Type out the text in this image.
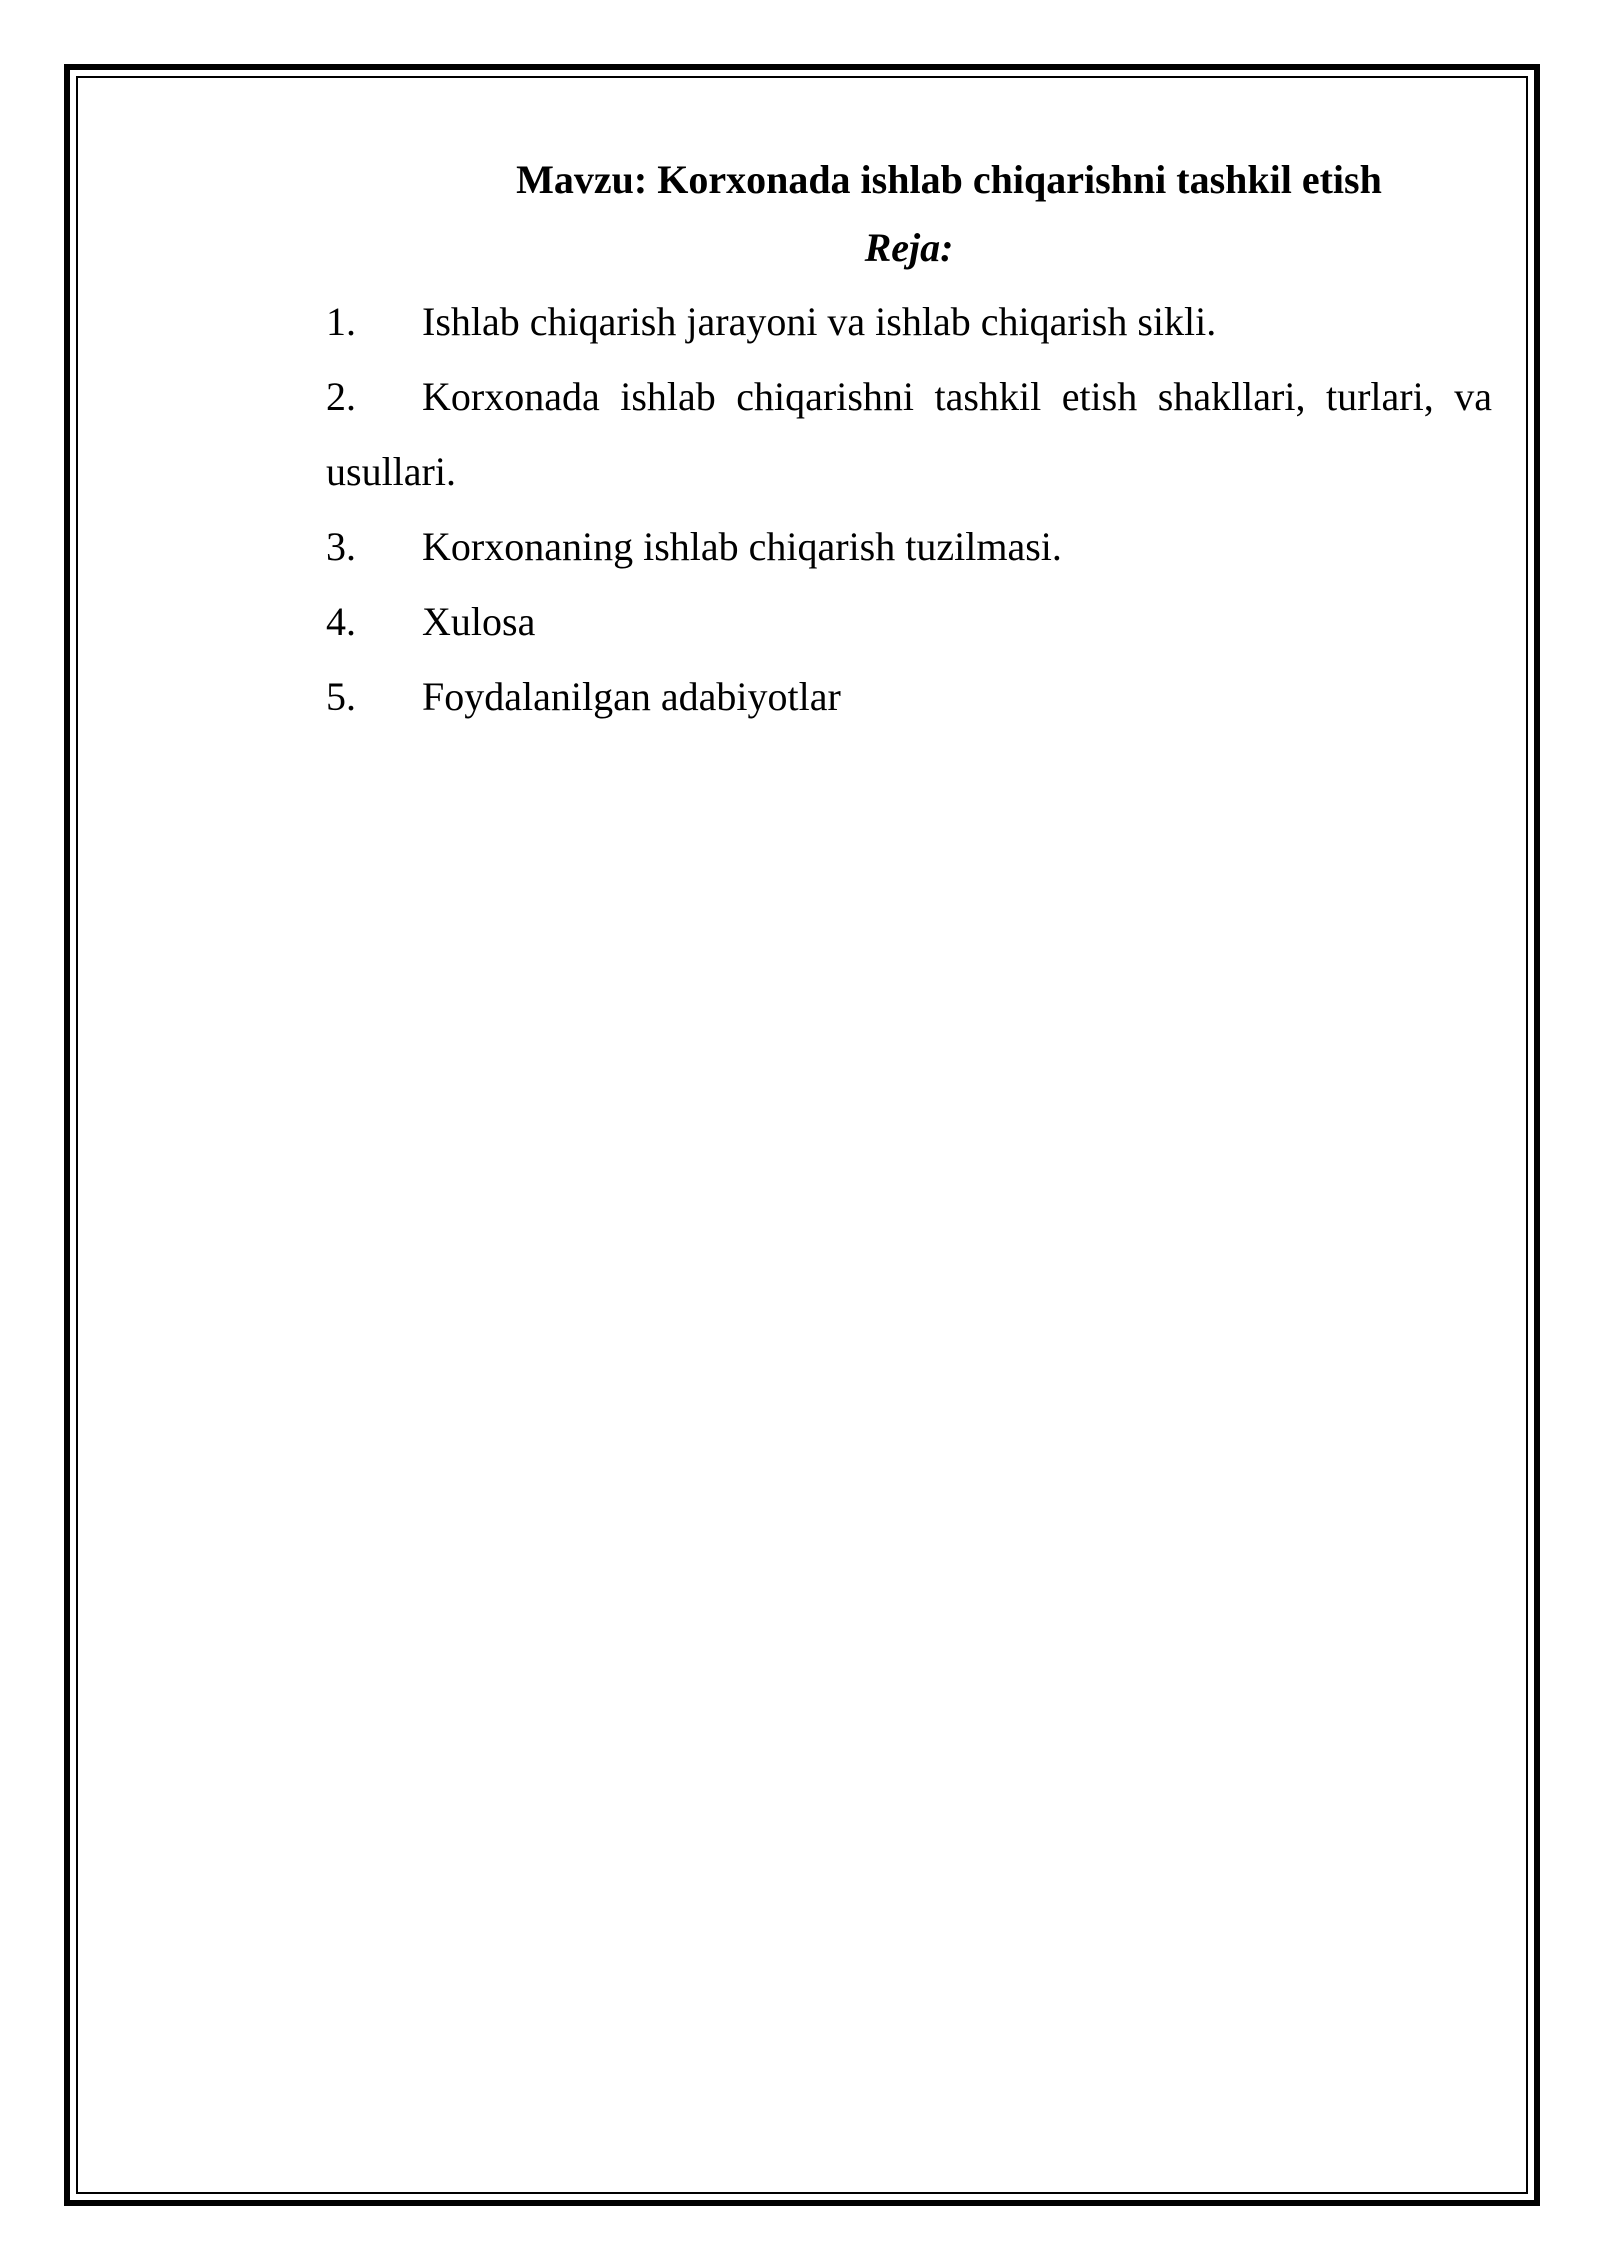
Mavzu: Korxonada ishlab chiqarishni tashkil etish
Reja:
1. Ishlab chiqarish jarayoni va ishlab chiqarish sikli.
2. Korxonada ishlab chiqarishni tashkil etish shakllari, turlari, va usullari.
3. Korxonaning ishlab chiqarish tuzilmasi.
4. Xulosa
5. Foydalanilgan adabiyotlar
